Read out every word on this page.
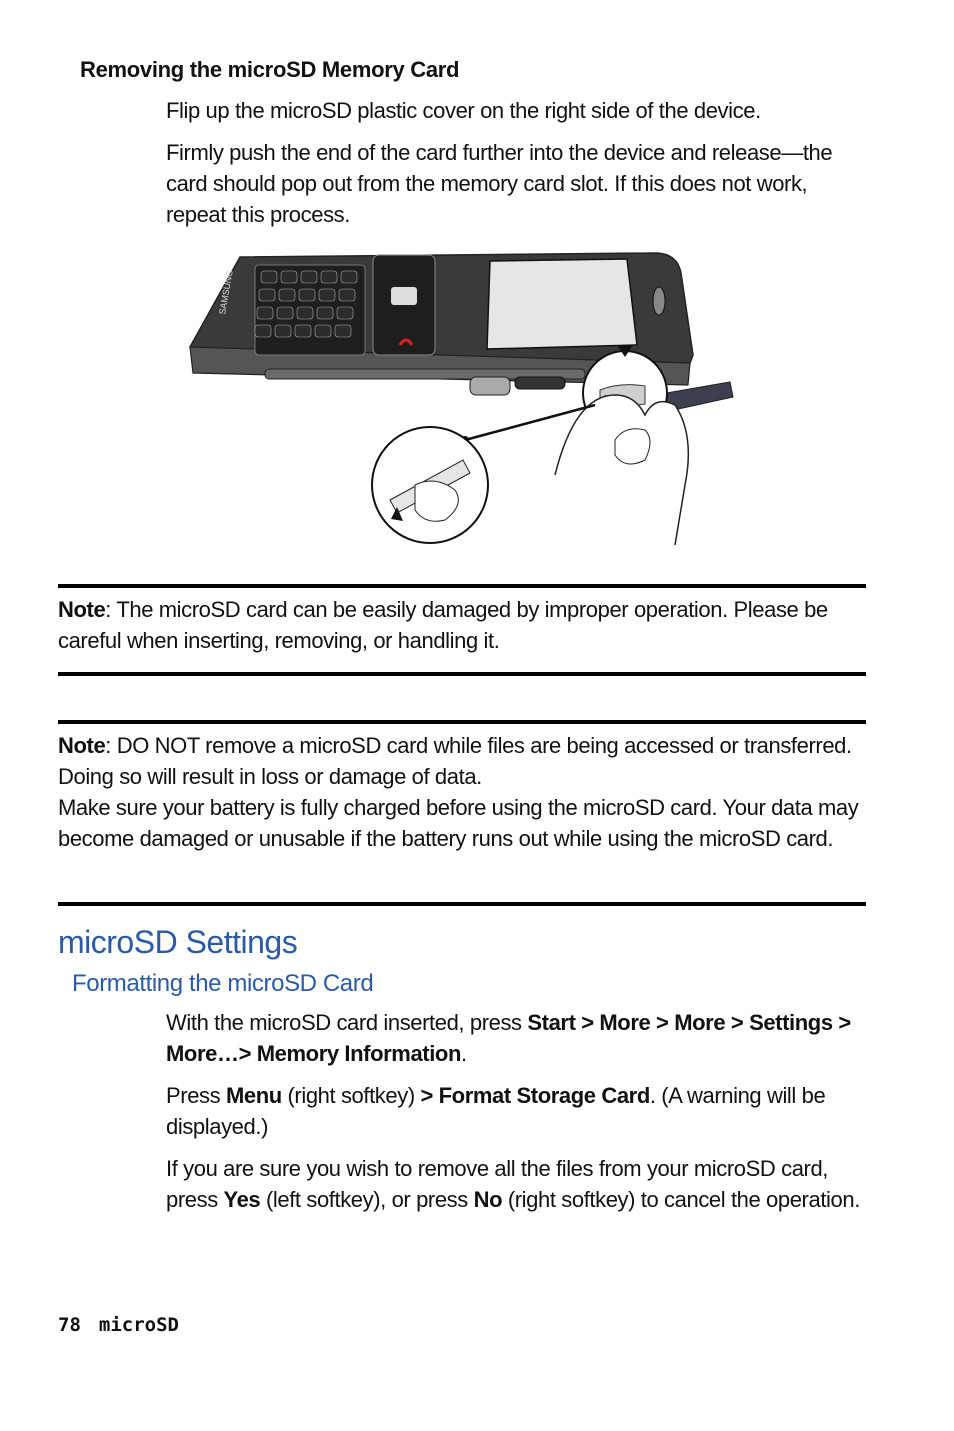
Removing the microSD Memory Card
Flip up the microSD plastic cover on the right side of the device.
Firmly push the end of the card further into the device and release—the card should pop out from the memory card slot. If this does not work, repeat this process.
SAMSUNG
Note: The microSD card can be easily damaged by improper operation. Please be careful when inserting, removing, or handling it.
Note: DO NOT remove a microSD card while files are being accessed or transferred. Doing so will result in loss or damage of data.
Make sure your battery is fully charged before using the microSD card. Your data may become damaged or unusable if the battery runs out while using the microSD card.
microSD Settings
Formatting the microSD Card
With the microSD card inserted, press Start > More > More > Settings > More…> Memory Information.
Press Menu (right softkey) > Format Storage Card. (A warning will be displayed.)
If you are sure you wish to remove all the files from your microSD card, press Yes (left softkey), or press No (right softkey) to cancel the operation.
78 microSD
